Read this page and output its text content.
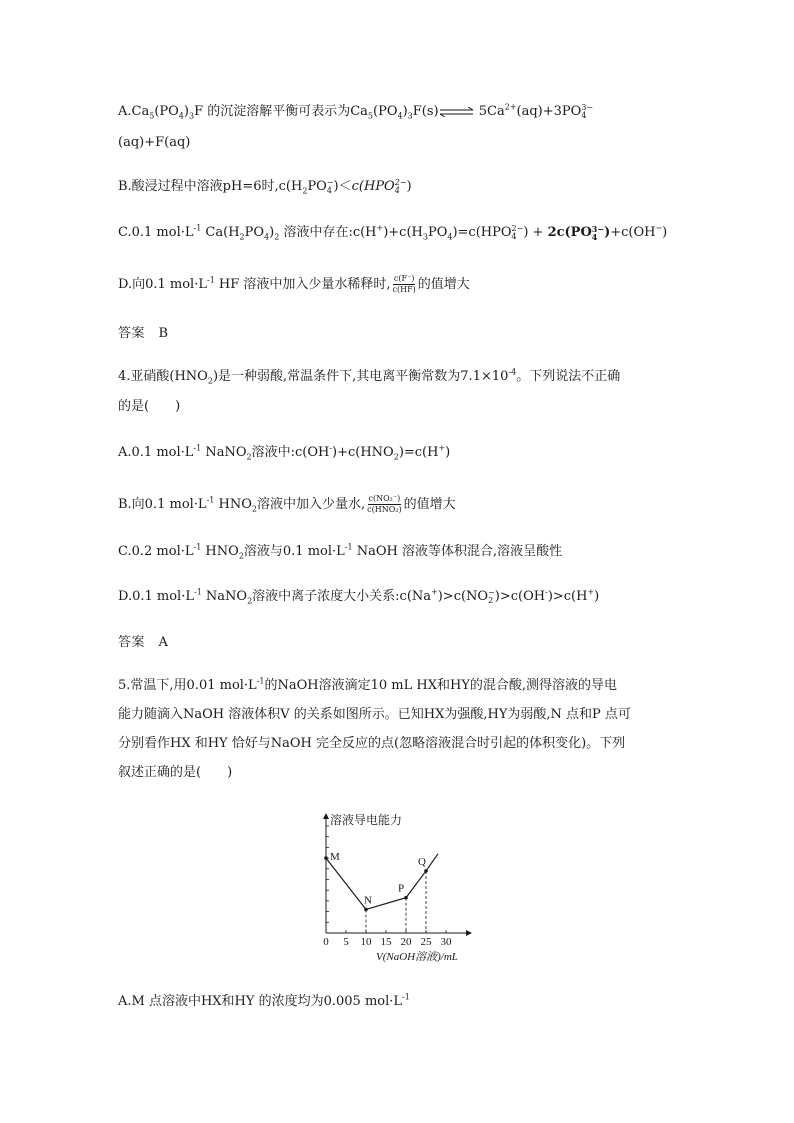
$A.Ca_5(PO_4)_3F$ 的沉淀溶解平衡可表示为$Ca_5(PO_4)_3F(s)\rightleftharpoons$ $5Ca^{2+}(aq)+3PO$ 3−
4
(aq)+F(aq)
B.酸浸过程中溶液pH=6时$,c(H_2PO$ −
4 )＜c(HPO 2−
4 )
C.0.1 $mol\cdot L^{-1}$ $Ca(H_2PO_4)_2$ 溶液中存在$:c(H^+)+c(H_3PO_4)=c(HPO$ 2−
4 ) + 2c(PO 3−
4 )+c(OH−)
D.向0.1 $mol\cdot L^{-1}$ HF 溶液中加入少量水稀释时, $\frac{c(F^-)}{c(HF)}$ 的值增大
答案　B
4.亚硝酸$(HNO_2)$是一种弱酸,常温条件下,其电离平衡常数为$7.1\times 10^{-4}$。下列说法不正确
的是(　　)
A.0.1 $mol\cdot L^{-1}$ NaNO$_2$溶液中$:c(OH^-)+c(HNO_2)=c(H^+)$
B.向0.1 $mol\cdot L^{-1}$ $HNO_2$溶液中加入少量水, $\frac{\text{c(NO₂⁻)}}{\text{c(HNO₂)}}$ 的值增大
C.0.2 $mol\cdot L^{-1}$ $HNO_2$溶液与0.1 $mol\cdot L^{-1}$ NaOH 溶液等体积混合,溶液呈酸性
D.0.1 $mol\cdot L^{-1}$ NaNO$_2$溶液中离子浓度大小关系:c(Na+)>c(NO −
2 )>c(OH-)>c(H+)
答案　A
5.常温下,用0.01 $mol\cdot L^{-1}$的NaOH溶液滴定10 mL HX和HY的混合酸,测得溶液的导电
能力随滴入NaOH 溶液体积V 的关系如图所示。已知HX为强酸,HY为弱酸,N 点和P 点可
分别看作HX 和HY 恰好与NaOH 完全反应的点(忽略溶液混合时引起的体积变化)。下列
叙述正确的是(　　)
溶液导电能力
V(NaOH溶液)/mL
0 5 10 15 20 25 30
M
N
P
Q
A.M 点溶液中HX和HY 的浓度均为0.005 $mol\cdot L^{-1}$
